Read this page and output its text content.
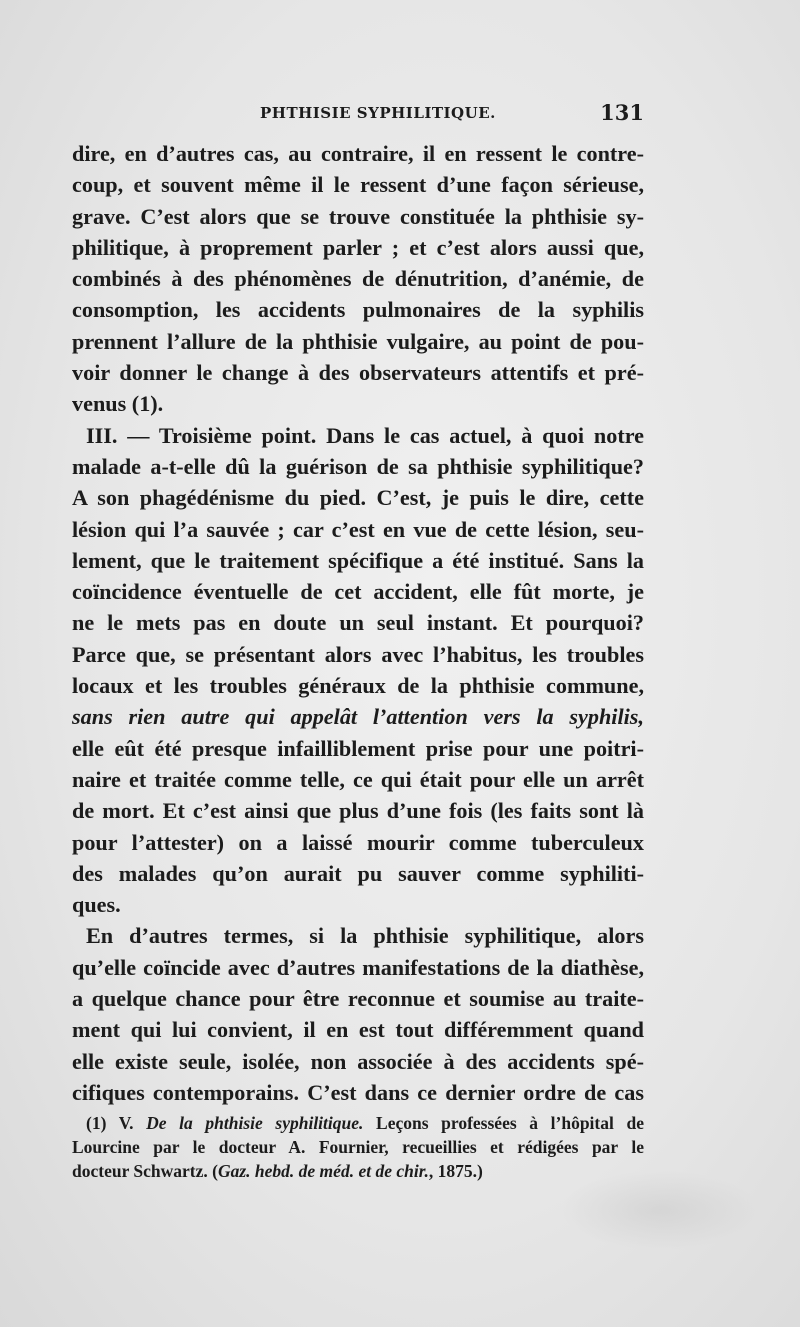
PHTHISIE SYPHILITIQUE.	131
dire, en d’autres cas, au contraire, il en ressent le contre-
coup, et souvent même il le ressent d’une façon sérieuse,
grave. C’est alors que se trouve constituée la phthisie sy-
philitique, à proprement parler ; et c’est alors aussi que,
combinés à des phénomènes de dénutrition, d’anémie, de
consomption, les accidents pulmonaires de la syphilis
prennent l’allure de la phthisie vulgaire, au point de pou-
voir donner le change à des observateurs attentifs et pré-
venus (1).
III. — Troisième point. Dans le cas actuel, à quoi notre
malade a-t-elle dû la guérison de sa phthisie syphilitique?
A son phagédénisme du pied. C’est, je puis le dire, cette
lésion qui l’a sauvée ; car c’est en vue de cette lésion, seu-
lement, que le traitement spécifique a été institué. Sans la
coïncidence éventuelle de cet accident, elle fût morte, je
ne le mets pas en doute un seul instant. Et pourquoi?
Parce que, se présentant alors avec l’habitus, les troubles
locaux et les troubles généraux de la phthisie commune,
sans rien autre qui appelât l’attention vers la syphilis,
elle eût été presque infailliblement prise pour une poitri-
naire et traitée comme telle, ce qui était pour elle un arrêt
de mort. Et c’est ainsi que plus d’une fois (les faits sont là
pour l’attester) on a laissé mourir comme tuberculeux
des malades qu’on aurait pu sauver comme syphiliti-
ques.
En d’autres termes, si la phthisie syphilitique, alors
qu’elle coïncide avec d’autres manifestations de la diathèse,
a quelque chance pour être reconnue et soumise au traite-
ment qui lui convient, il en est tout différemment quand
elle existe seule, isolée, non associée à des accidents spé-
cifiques contemporains. C’est dans ce dernier ordre de cas
(1) V. De la phthisie syphilitique. Leçons professées à l’hôpital de
Lourcine par le docteur A. Fournier, recueillies et rédigées par le
docteur Schwartz. (Gaz. hebd. de méd. et de chir., 1875.)
